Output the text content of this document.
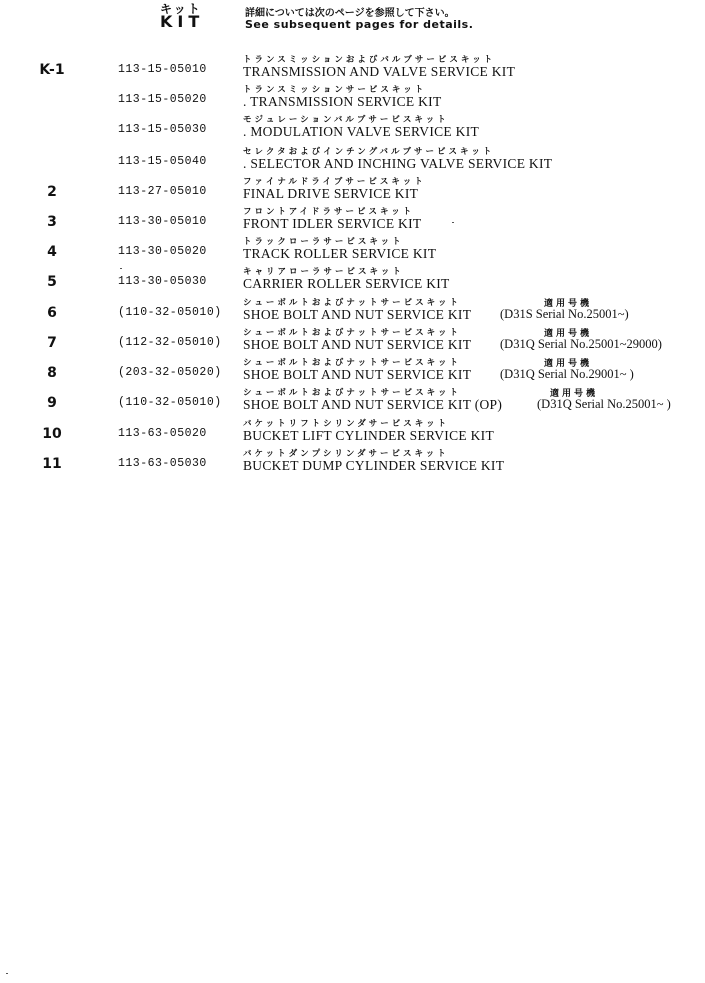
キット
KIT	詳細については次のページを参照して下さい。
See subsequent pages for details.
K-1	113-15-05010
トランスミッションおよびバルブサービスキット
TRANSMISSION AND VALVE SERVICE KIT
113-15-05020
トランスミッションサービスキット
. TRANSMISSION SERVICE KIT
113-15-05030
モジュレーションバルブサービスキット
. MODULATION VALVE SERVICE KIT
113-15-05040
セレクタおよびインチングバルブサービスキット
. SELECTOR AND INCHING VALVE SERVICE KIT
2	113-27-05010
ファイナルドライブサービスキット
FINAL DRIVE SERVICE KIT
3	113-30-05010
フロントアイドラサービスキット
FRONT IDLER SERVICE KIT
4	113-30-05020
トラックローラサービスキット
TRACK ROLLER SERVICE KIT
5	113-30-05030
キャリアローラサービスキット
CARRIER ROLLER SERVICE KIT
6	(110-32-05010)
シューボルトおよびナットサービスキット
SHOE BOLT AND NUT SERVICE KIT
適用号機
(D31S Serial No.25001~)
7	(112-32-05010)
シューボルトおよびナットサービスキット
SHOE BOLT AND NUT SERVICE KIT
適用号機
(D31Q Serial No.25001~29000)
8	(203-32-05020)
シューボルトおよびナットサービスキット
SHOE BOLT AND NUT SERVICE KIT
適用号機
(D31Q Serial No.29001~ )
9	(110-32-05010)
シューボルトおよびナットサービスキット
SHOE BOLT AND NUT SERVICE KIT (OP)
適用号機
(D31Q Serial No.25001~ )
10	113-63-05020
バケットリフトシリンダサービスキット
BUCKET LIFT CYLINDER SERVICE KIT
11	113-63-05030
バケットダンプシリンダサービスキット
BUCKET DUMP CYLINDER SERVICE KIT
